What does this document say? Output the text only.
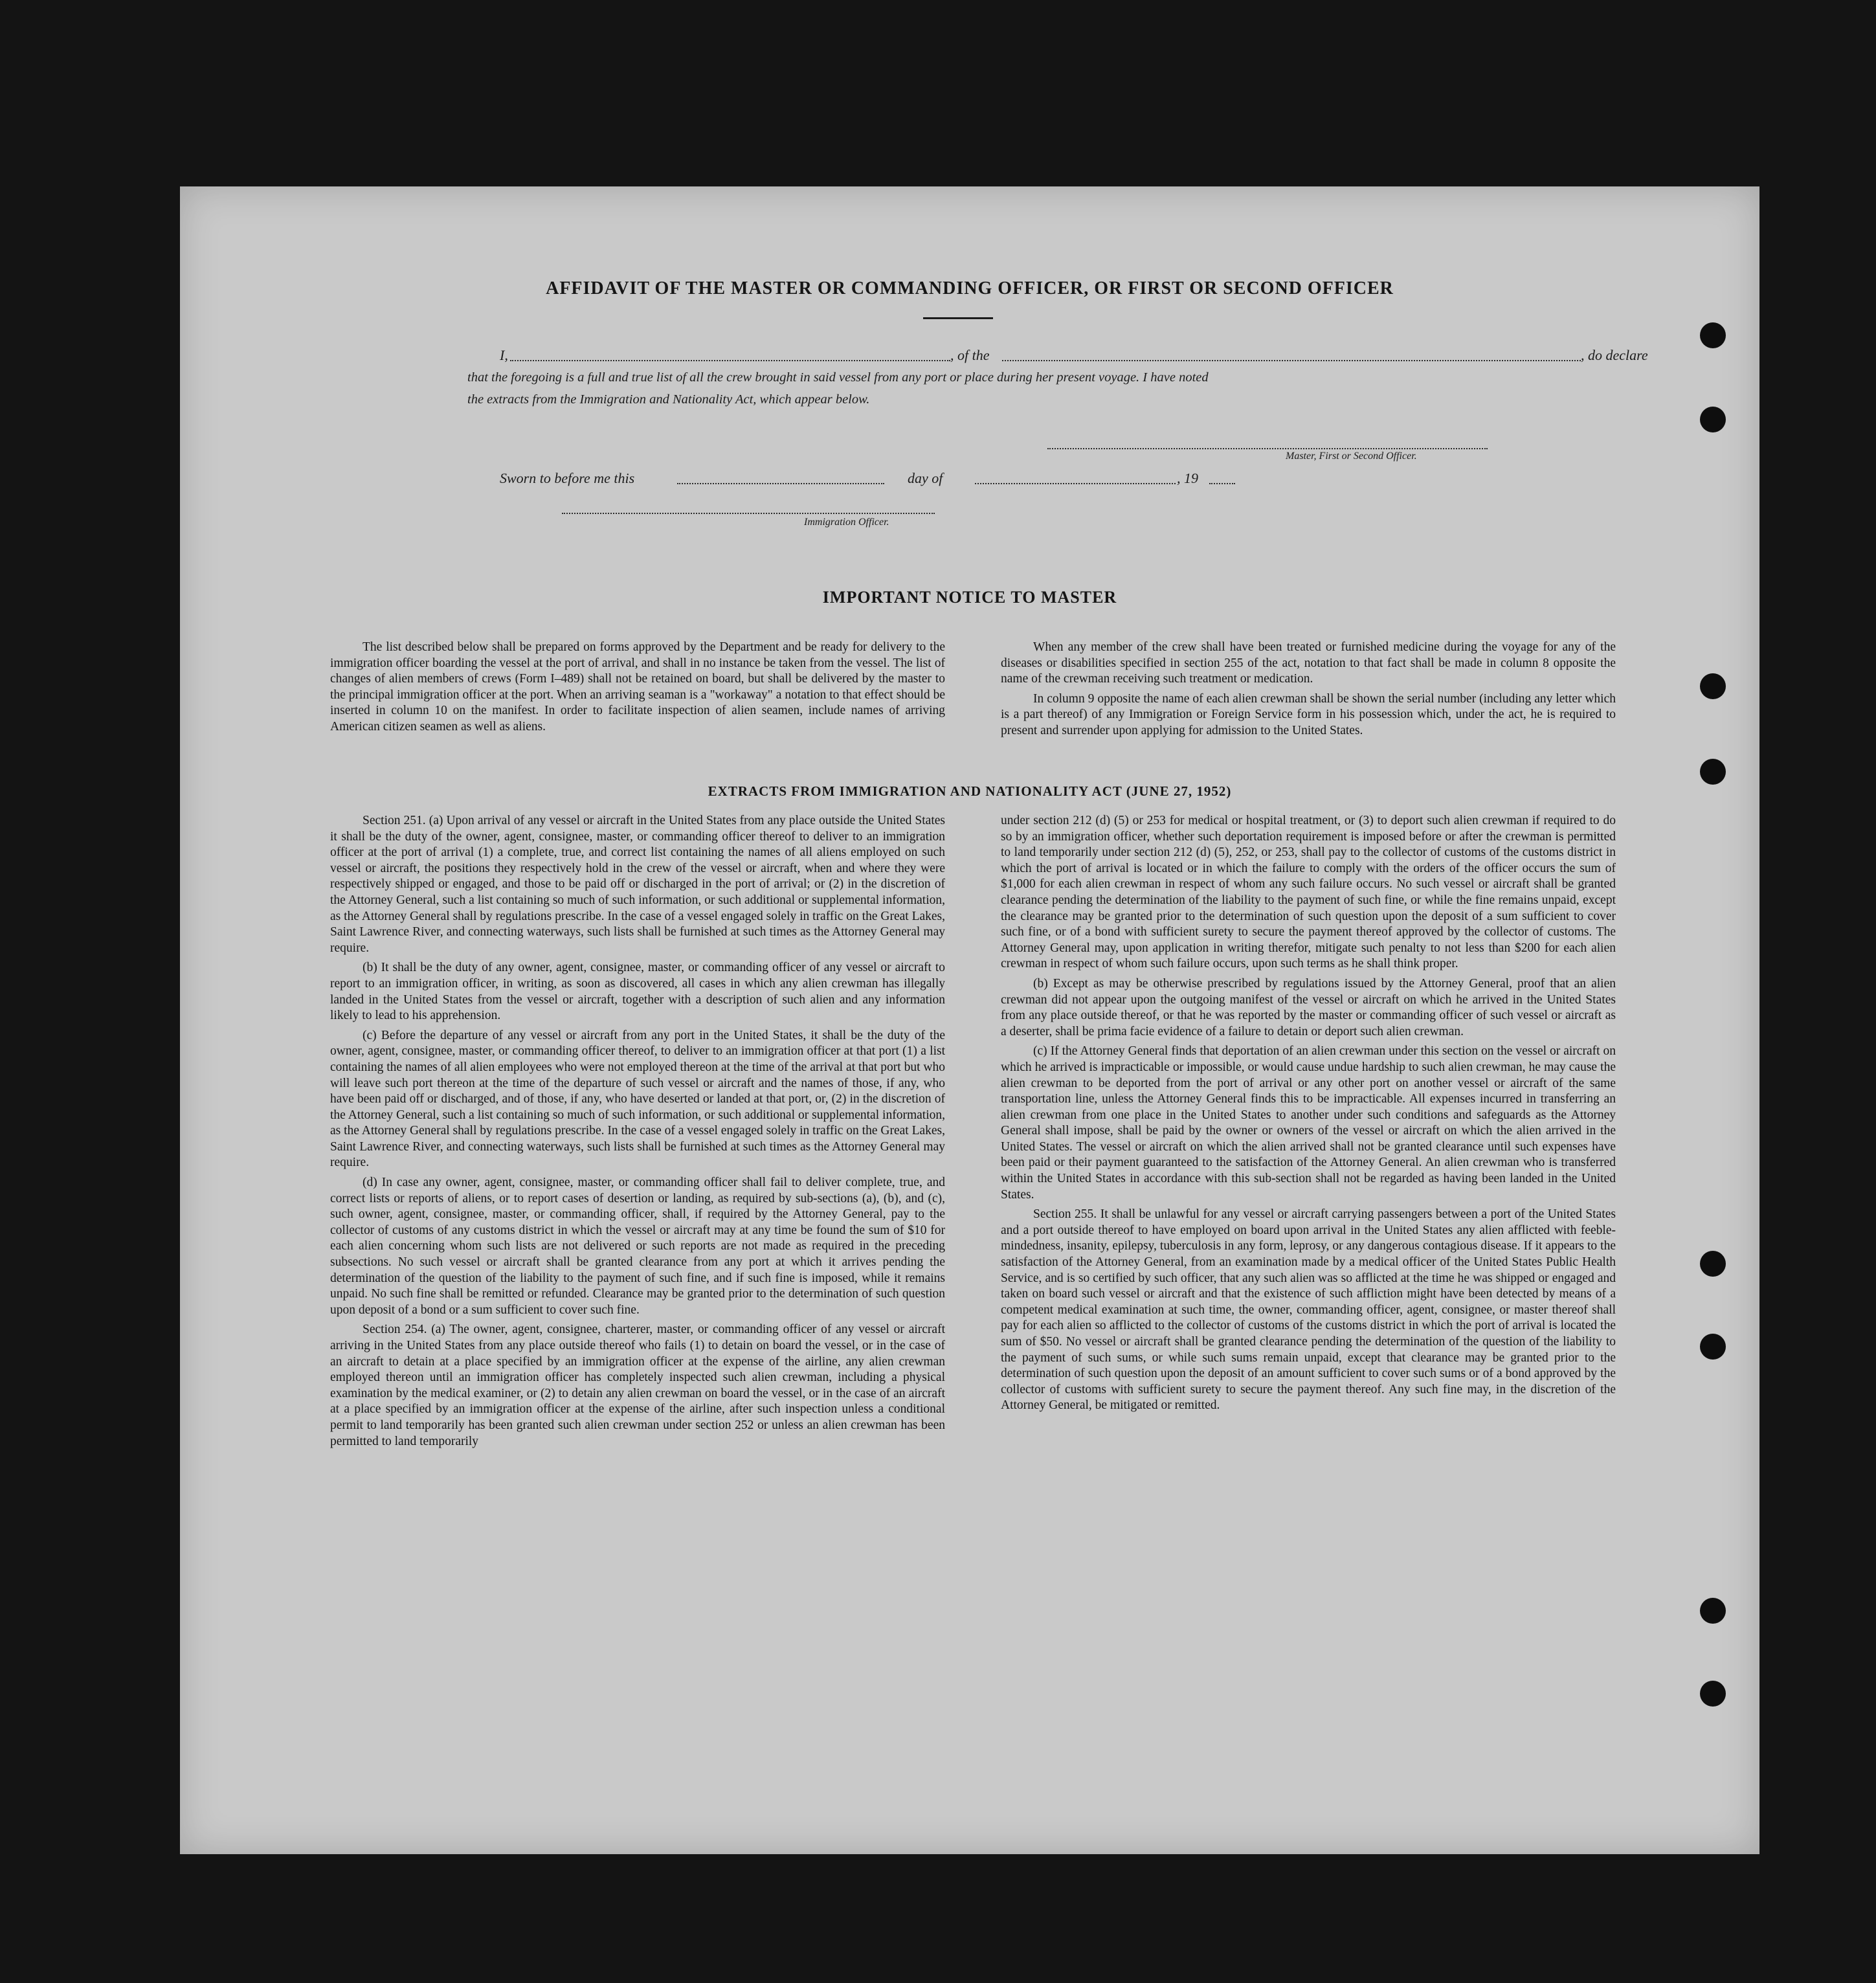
AFFIDAVIT OF THE MASTER OR COMMANDING OFFICER, OR FIRST OR SECOND OFFICER
I,	, of the	, do declare
that the foregoing is a full and true list of all the crew brought in said vessel from any port or place during her present voyage. I have noted
the extracts from the Immigration and Nationality Act, which appear below.
Master, First or Second Officer.
Sworn to before me this	day of	, 19
Immigration Officer.
IMPORTANT NOTICE TO MASTER

The list described below shall be prepared on forms approved by the Department and be ready for delivery to the immigration officer boarding the vessel at the port of arrival, and shall in no instance be taken from the vessel. The list of changes of alien members of crews (Form I–489) shall not be retained on board, but shall be delivered by the master to the principal immigration officer at the port. When an arriving seaman is a "workaway" a notation to that effect should be inserted in column 10 on the manifest. In order to facilitate inspection of alien seamen, include names of arriving American citizen seamen as well as aliens.

When any member of the crew shall have been treated or furnished medicine during the voyage for any of the diseases or disabilities specified in section 255 of the act, notation to that fact shall be made in column 8 opposite the name of the crewman receiving such treatment or medication.

In column 9 opposite the name of each alien crewman shall be shown the serial number (including any letter which is a part thereof) of any Immigration or Foreign Service form in his possession which, under the act, he is required to present and surrender upon applying for admission to the United States.

EXTRACTS FROM IMMIGRATION AND NATIONALITY ACT (JUNE 27, 1952)

Section 251. (a) Upon arrival of any vessel or aircraft in the United States from any place outside the United States it shall be the duty of the owner, agent, consignee, master, or commanding officer thereof to deliver to an immigration officer at the port of arrival (1) a complete, true, and correct list containing the names of all aliens employed on such vessel or aircraft, the positions they respectively hold in the crew of the vessel or aircraft, when and where they were respectively shipped or engaged, and those to be paid off or discharged in the port of arrival; or (2) in the discretion of the Attorney General, such a list containing so much of such information, or such additional or supplemental information, as the Attorney General shall by regulations prescribe. In the case of a vessel engaged solely in traffic on the Great Lakes, Saint Lawrence River, and connecting waterways, such lists shall be furnished at such times as the Attorney General may require.

(b) It shall be the duty of any owner, agent, consignee, master, or commanding officer of any vessel or aircraft to report to an immigration officer, in writing, as soon as discovered, all cases in which any alien crewman has illegally landed in the United States from the vessel or aircraft, together with a description of such alien and any information likely to lead to his apprehension.

(c) Before the departure of any vessel or aircraft from any port in the United States, it shall be the duty of the owner, agent, consignee, master, or commanding officer thereof, to deliver to an immigration officer at that port (1) a list containing the names of all alien employees who were not employed thereon at the time of the arrival at that port but who will leave such port thereon at the time of the departure of such vessel or aircraft and the names of those, if any, who have been paid off or discharged, and of those, if any, who have deserted or landed at that port, or, (2) in the discretion of the Attorney General, such a list containing so much of such information, or such additional or supplemental information, as the Attorney General shall by regulations prescribe. In the case of a vessel engaged solely in traffic on the Great Lakes, Saint Lawrence River, and connecting waterways, such lists shall be furnished at such times as the Attorney General may require.

(d) In case any owner, agent, consignee, master, or commanding officer shall fail to deliver complete, true, and correct lists or reports of aliens, or to report cases of desertion or landing, as required by sub-sections (a), (b), and (c), such owner, agent, consignee, master, or commanding officer, shall, if required by the Attorney General, pay to the collector of customs of any customs district in which the vessel or aircraft may at any time be found the sum of $10 for each alien concerning whom such lists are not delivered or such reports are not made as required in the preceding subsections. No such vessel or aircraft shall be granted clearance from any port at which it arrives pending the determination of the question of the liability to the payment of such fine, and if such fine is imposed, while it remains unpaid. No such fine shall be remitted or refunded. Clearance may be granted prior to the determination of such question upon deposit of a bond or a sum sufficient to cover such fine.

Section 254. (a) The owner, agent, consignee, charterer, master, or commanding officer of any vessel or aircraft arriving in the United States from any place outside thereof who fails (1) to detain on board the vessel, or in the case of an aircraft to detain at a place specified by an immigration officer at the expense of the airline, any alien crewman employed thereon until an immigration officer has completely inspected such alien crewman, including a physical examination by the medical examiner, or (2) to detain any alien crewman on board the vessel, or in the case of an aircraft at a place specified by an immigration officer at the expense of the airline, after such inspection unless a conditional permit to land temporarily has been granted such alien crewman under section 252 or unless an alien crewman has been permitted to land temporarily

under section 212 (d) (5) or 253 for medical or hospital treatment, or (3) to deport such alien crewman if required to do so by an immigration officer, whether such deportation requirement is imposed before or after the crewman is permitted to land temporarily under section 212 (d) (5), 252, or 253, shall pay to the collector of customs of the customs district in which the port of arrival is located or in which the failure to comply with the orders of the officer occurs the sum of $1,000 for each alien crewman in respect of whom any such failure occurs. No such vessel or aircraft shall be granted clearance pending the determination of the liability to the payment of such fine, or while the fine remains unpaid, except the clearance may be granted prior to the determination of such question upon the deposit of a sum sufficient to cover such fine, or of a bond with sufficient surety to secure the payment thereof approved by the collector of customs. The Attorney General may, upon application in writing therefor, mitigate such penalty to not less than $200 for each alien crewman in respect of whom such failure occurs, upon such terms as he shall think proper.

(b) Except as may be otherwise prescribed by regulations issued by the Attorney General, proof that an alien crewman did not appear upon the outgoing manifest of the vessel or aircraft on which he arrived in the United States from any place outside thereof, or that he was reported by the master or commanding officer of such vessel or aircraft as a deserter, shall be prima facie evidence of a failure to detain or deport such alien crewman.

(c) If the Attorney General finds that deportation of an alien crewman under this section on the vessel or aircraft on which he arrived is impracticable or impossible, or would cause undue hardship to such alien crewman, he may cause the alien crewman to be deported from the port of arrival or any other port on another vessel or aircraft of the same transportation line, unless the Attorney General finds this to be impracticable. All expenses incurred in transferring an alien crewman from one place in the United States to another under such conditions and safeguards as the Attorney General shall impose, shall be paid by the owner or owners of the vessel or aircraft on which the alien arrived in the United States. The vessel or aircraft on which the alien arrived shall not be granted clearance until such expenses have been paid or their payment guaranteed to the satisfaction of the Attorney General. An alien crewman who is transferred within the United States in accordance with this sub-section shall not be regarded as having been landed in the United States.

Section 255. It shall be unlawful for any vessel or aircraft carrying passengers between a port of the United States and a port outside thereof to have employed on board upon arrival in the United States any alien afflicted with feeble-mindedness, insanity, epilepsy, tuberculosis in any form, leprosy, or any dangerous contagious disease. If it appears to the satisfaction of the Attorney General, from an examination made by a medical officer of the United States Public Health Service, and is so certified by such officer, that any such alien was so afflicted at the time he was shipped or engaged and taken on board such vessel or aircraft and that the existence of such affliction might have been detected by means of a competent medical examination at such time, the owner, commanding officer, agent, consignee, or master thereof shall pay for each alien so afflicted to the collector of customs of the customs district in which the port of arrival is located the sum of $50. No vessel or aircraft shall be granted clearance pending the determination of the question of the liability to the payment of such sums, or while such sums remain unpaid, except that clearance may be granted prior to the determination of such question upon the deposit of an amount sufficient to cover such sums or of a bond approved by the collector of customs with sufficient surety to secure the payment thereof. Any such fine may, in the discretion of the Attorney General, be mitigated or remitted.
